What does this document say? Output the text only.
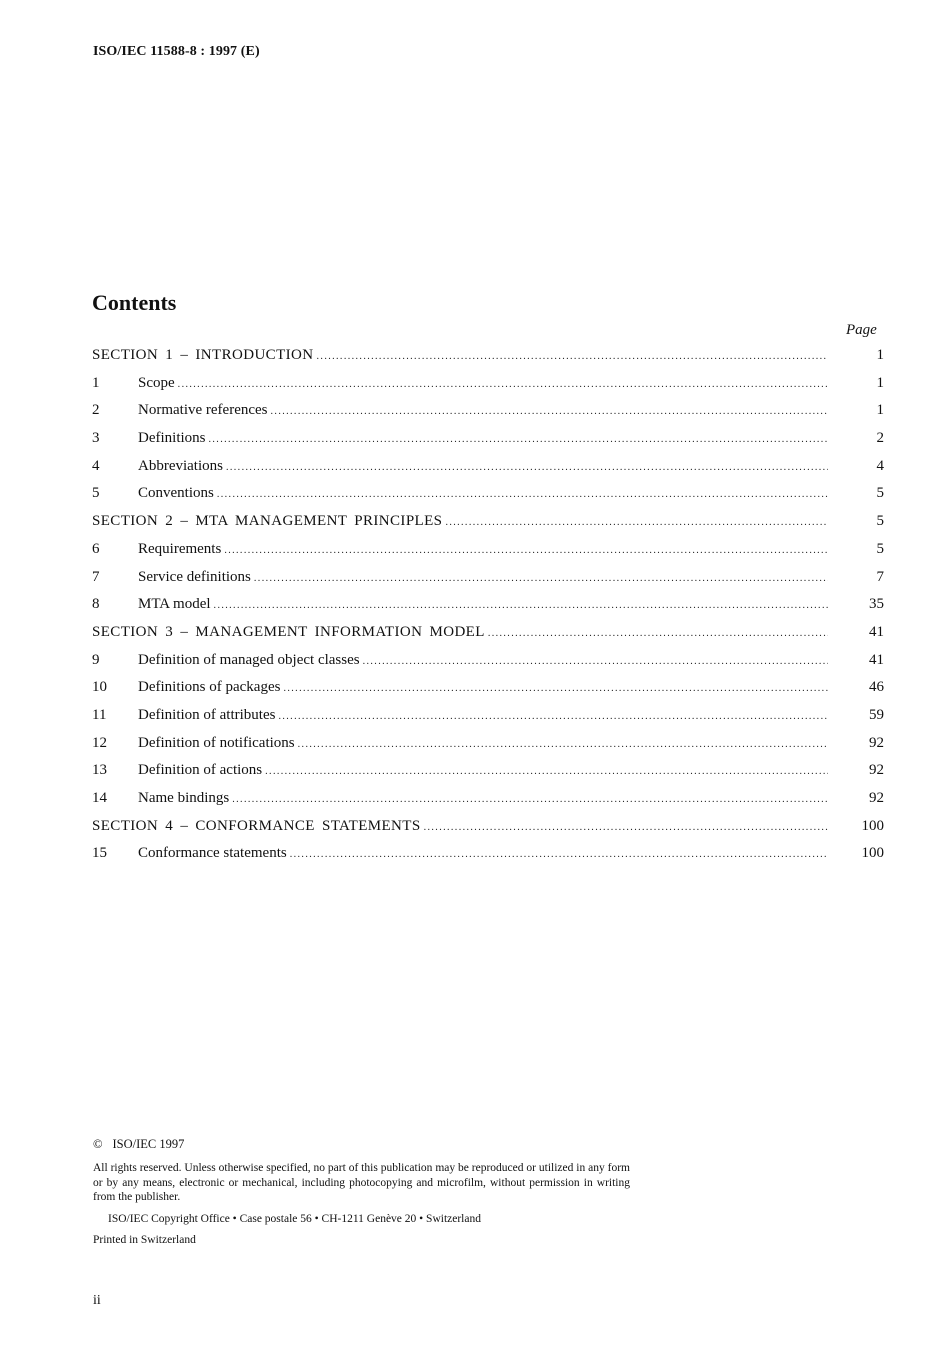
ISO/IEC 11588-8 : 1997 (E)
Contents
Page
SECTION 1 – INTRODUCTION .....	1
1	Scope .....	1
2	Normative references .....	1
3	Definitions .....	2
4	Abbreviations .....	4
5	Conventions .....	5
SECTION 2 – MTA MANAGEMENT PRINCIPLES .....	5
6	Requirements .....	5
7	Service definitions .....	7
8	MTA model .....	35
SECTION 3 – MANAGEMENT INFORMATION MODEL .....	41
9	Definition of managed object classes .....	41
10	Definitions of packages .....	46
11	Definition of attributes .....	59
12	Definition of notifications .....	92
13	Definition of actions .....	92
14	Name bindings .....	92
SECTION 4 – CONFORMANCE STATEMENTS .....	100
15	Conformance statements .....	100
© ISO/IEC 1997
All rights reserved. Unless otherwise specified, no part of this publication may be reproduced or utilized in any form or by any means, electronic or mechanical, including photocopying and microfilm, without permission in writing from the publisher.
ISO/IEC Copyright Office • Case postale 56 • CH-1211 Genève 20 • Switzerland
Printed in Switzerland
ii
